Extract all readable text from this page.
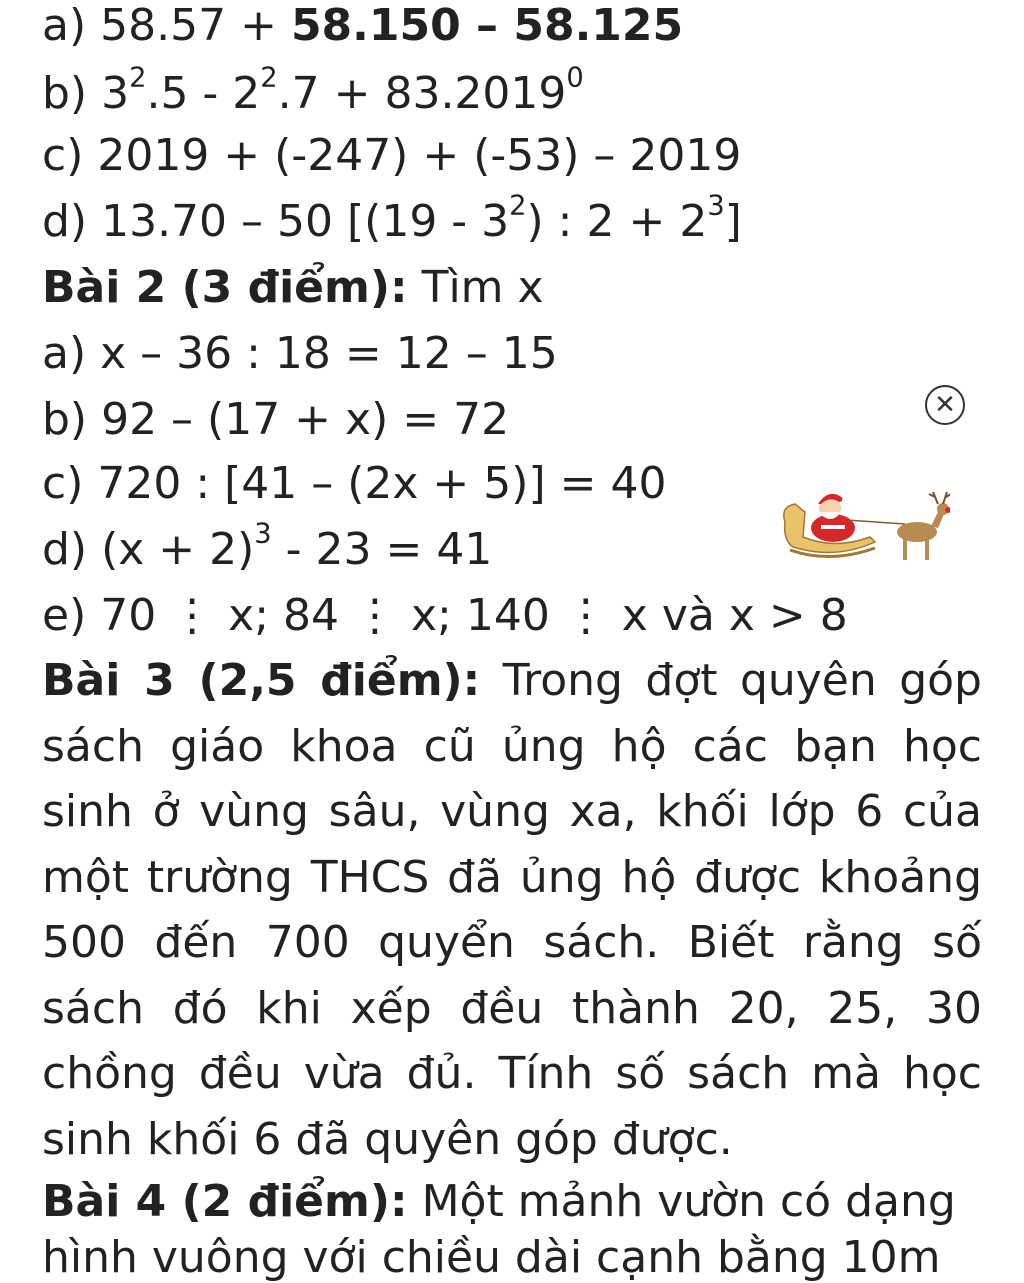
a) 58.57 + 58.150 – 58.125
b) $3^2.5 - 2^2.7 + 83.2019^0$
c) 2019 + (-247) + (-53) – 2019
d) 13.70 – 50 [$(19 - 3^2)$ : $2 + 2^3$]
Bài 2 (3 điểm): Tìm x
a) x – 36 : 18 = 12 – 15
b) 92 – (17 + x) = 72
c) 720 : [41 – (2x + 5)] = 40
d) $(x + 2)^3 - 23 = 41$
e) 70 ⋮ x; 84 ⋮ x; 140 ⋮ x và x > 8
Bài 3 (2,5 điểm): Trong đợt quyên góp sách giáo khoa cũ ủng hộ các bạn học sinh ở vùng sâu, vùng xa, khối lớp 6 của một trường THCS đã ủng hộ được khoảng 500 đến 700 quyển sách. Biết rằng số sách đó khi xếp đều thành 20, 25, 30 chồng đều vừa đủ. Tính số sách mà học sinh khối 6 đã quyên góp được.
Bài 4 (2 điểm): Một mảnh vườn có dạng
hình vuông với chiều dài cạnh bằng 10m
✕
